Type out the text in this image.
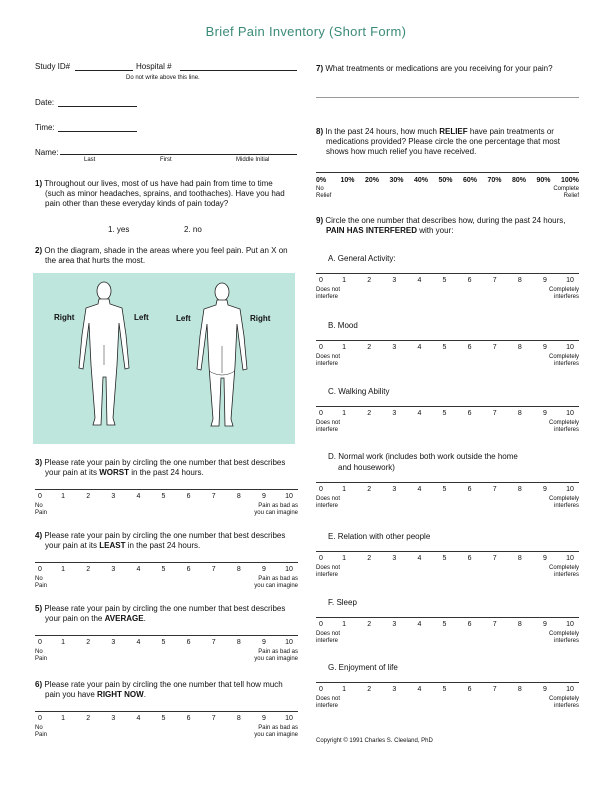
Brief Pain Inventory (Short Form)
Study ID#	Hospital #
Do not write above this line.
Date:
Time:
Name:
Last	First	Middle Initial
1) Throughout our lives, most of us have had pain from time to time
(such as minor headaches, sprains, and toothaches). Have you had
pain other than these everyday kinds of pain today?
1. yes	2. no
2) On the diagram, shade in the areas where you feel pain. Put an X on
the area that hurts the most.
Right	Left	Left	Right
3) Please rate your pain by circling the one number that best describes
your pain at its WORST in the past 24 hours.
0	1	2	3	4	5	6	7	8	9	10
No
Pain
Pain as bad as
you can imagine
4) Please rate your pain by circling the one number that best describes
your pain at its LEAST in the past 24 hours.
0	1	2	3	4	5	6	7	8	9	10
No
Pain
Pain as bad as
you can imagine
5) Please rate your pain by circling the one number that best describes
your pain on the AVERAGE.
0	1	2	3	4	5	6	7	8	9	10
No
Pain
Pain as bad as
you can imagine
6) Please rate your pain by circling the one number that tell how much
pain you have RIGHT NOW.
0	1	2	3	4	5	6	7	8	9	10
No
Pain
Pain as bad as
you can imagine
7) What treatments or medications are you receiving for your pain?
8) In the past 24 hours, how much RELIEF have pain treatments or
medications provided? Please circle the one percentage that most
shows how much relief you have received.
0% 10% 20% 30% 40% 50% 60% 70% 80% 90% 100%
No
Relief
Complete
Relief
9) Circle the one number that describes how, during the past 24 hours,
PAIN HAS INTERFERED with your:
A. General Activity:
0	1	2	3	4	5	6	7	8	9	10
Does not
interfere
Completely
interferes
B. Mood
0	1	2	3	4	5	6	7	8	9	10
Does not
interfere
Completely
interferes
C. Walking Ability
0	1	2	3	4	5	6	7	8	9	10
Does not
interfere
Completely
interferes
D. Normal work (includes both work outside the home
and housework)
0	1	2	3	4	5	6	7	8	9	10
Does not
interfere
Completely
interferes
E. Relation with other people
0	1	2	3	4	5	6	7	8	9	10
Does not
interfere
Completely
interferes
F. Sleep
0	1	2	3	4	5	6	7	8	9	10
Does not
interfere
Completely
interferes
G. Enjoyment of life
0	1	2	3	4	5	6	7	8	9	10
Does not
interfere
Completely
interferes
Copyright © 1991 Charles S. Cleeland, PhD
